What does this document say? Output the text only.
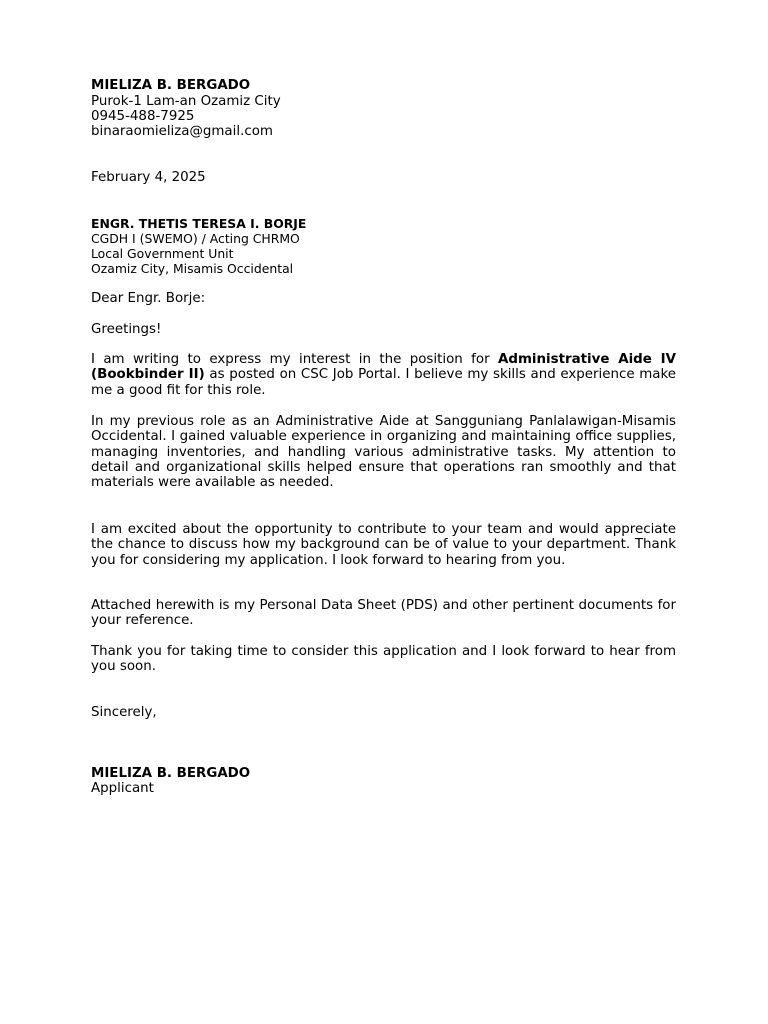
MIELIZA B. BERGADO

Purok-1 Lam-an Ozamiz City

0945-488-7925

binaraomieliza@gmail.com

February 4, 2025

ENGR. THETIS TERESA I. BORJE

CGDH I (SWEMO) / Acting CHRMO

Local Government Unit

Ozamiz City, Misamis Occidental

Dear Engr. Borje:

Greetings!

I am writing to express my interest in the position for Administrative Aide IV (Bookbinder II) as posted on CSC Job Portal. I believe my skills and experience make me a good fit for this role.

In my previous role as an Administrative Aide at Sangguniang Panlalawigan-Misamis Occidental. I gained valuable experience in organizing and maintaining office supplies, managing inventories, and handling various administrative tasks. My attention to detail and organizational skills helped ensure that operations ran smoothly and that materials were available as needed.

I am excited about the opportunity to contribute to your team and would appreciate the chance to discuss how my background can be of value to your department. Thank you for considering my application. I look forward to hearing from you.

Attached herewith is my Personal Data Sheet (PDS) and other pertinent documents for your reference.

Thank you for taking time to consider this application and I look forward to hear from you soon.

Sincerely,

MIELIZA B. BERGADO

Applicant
